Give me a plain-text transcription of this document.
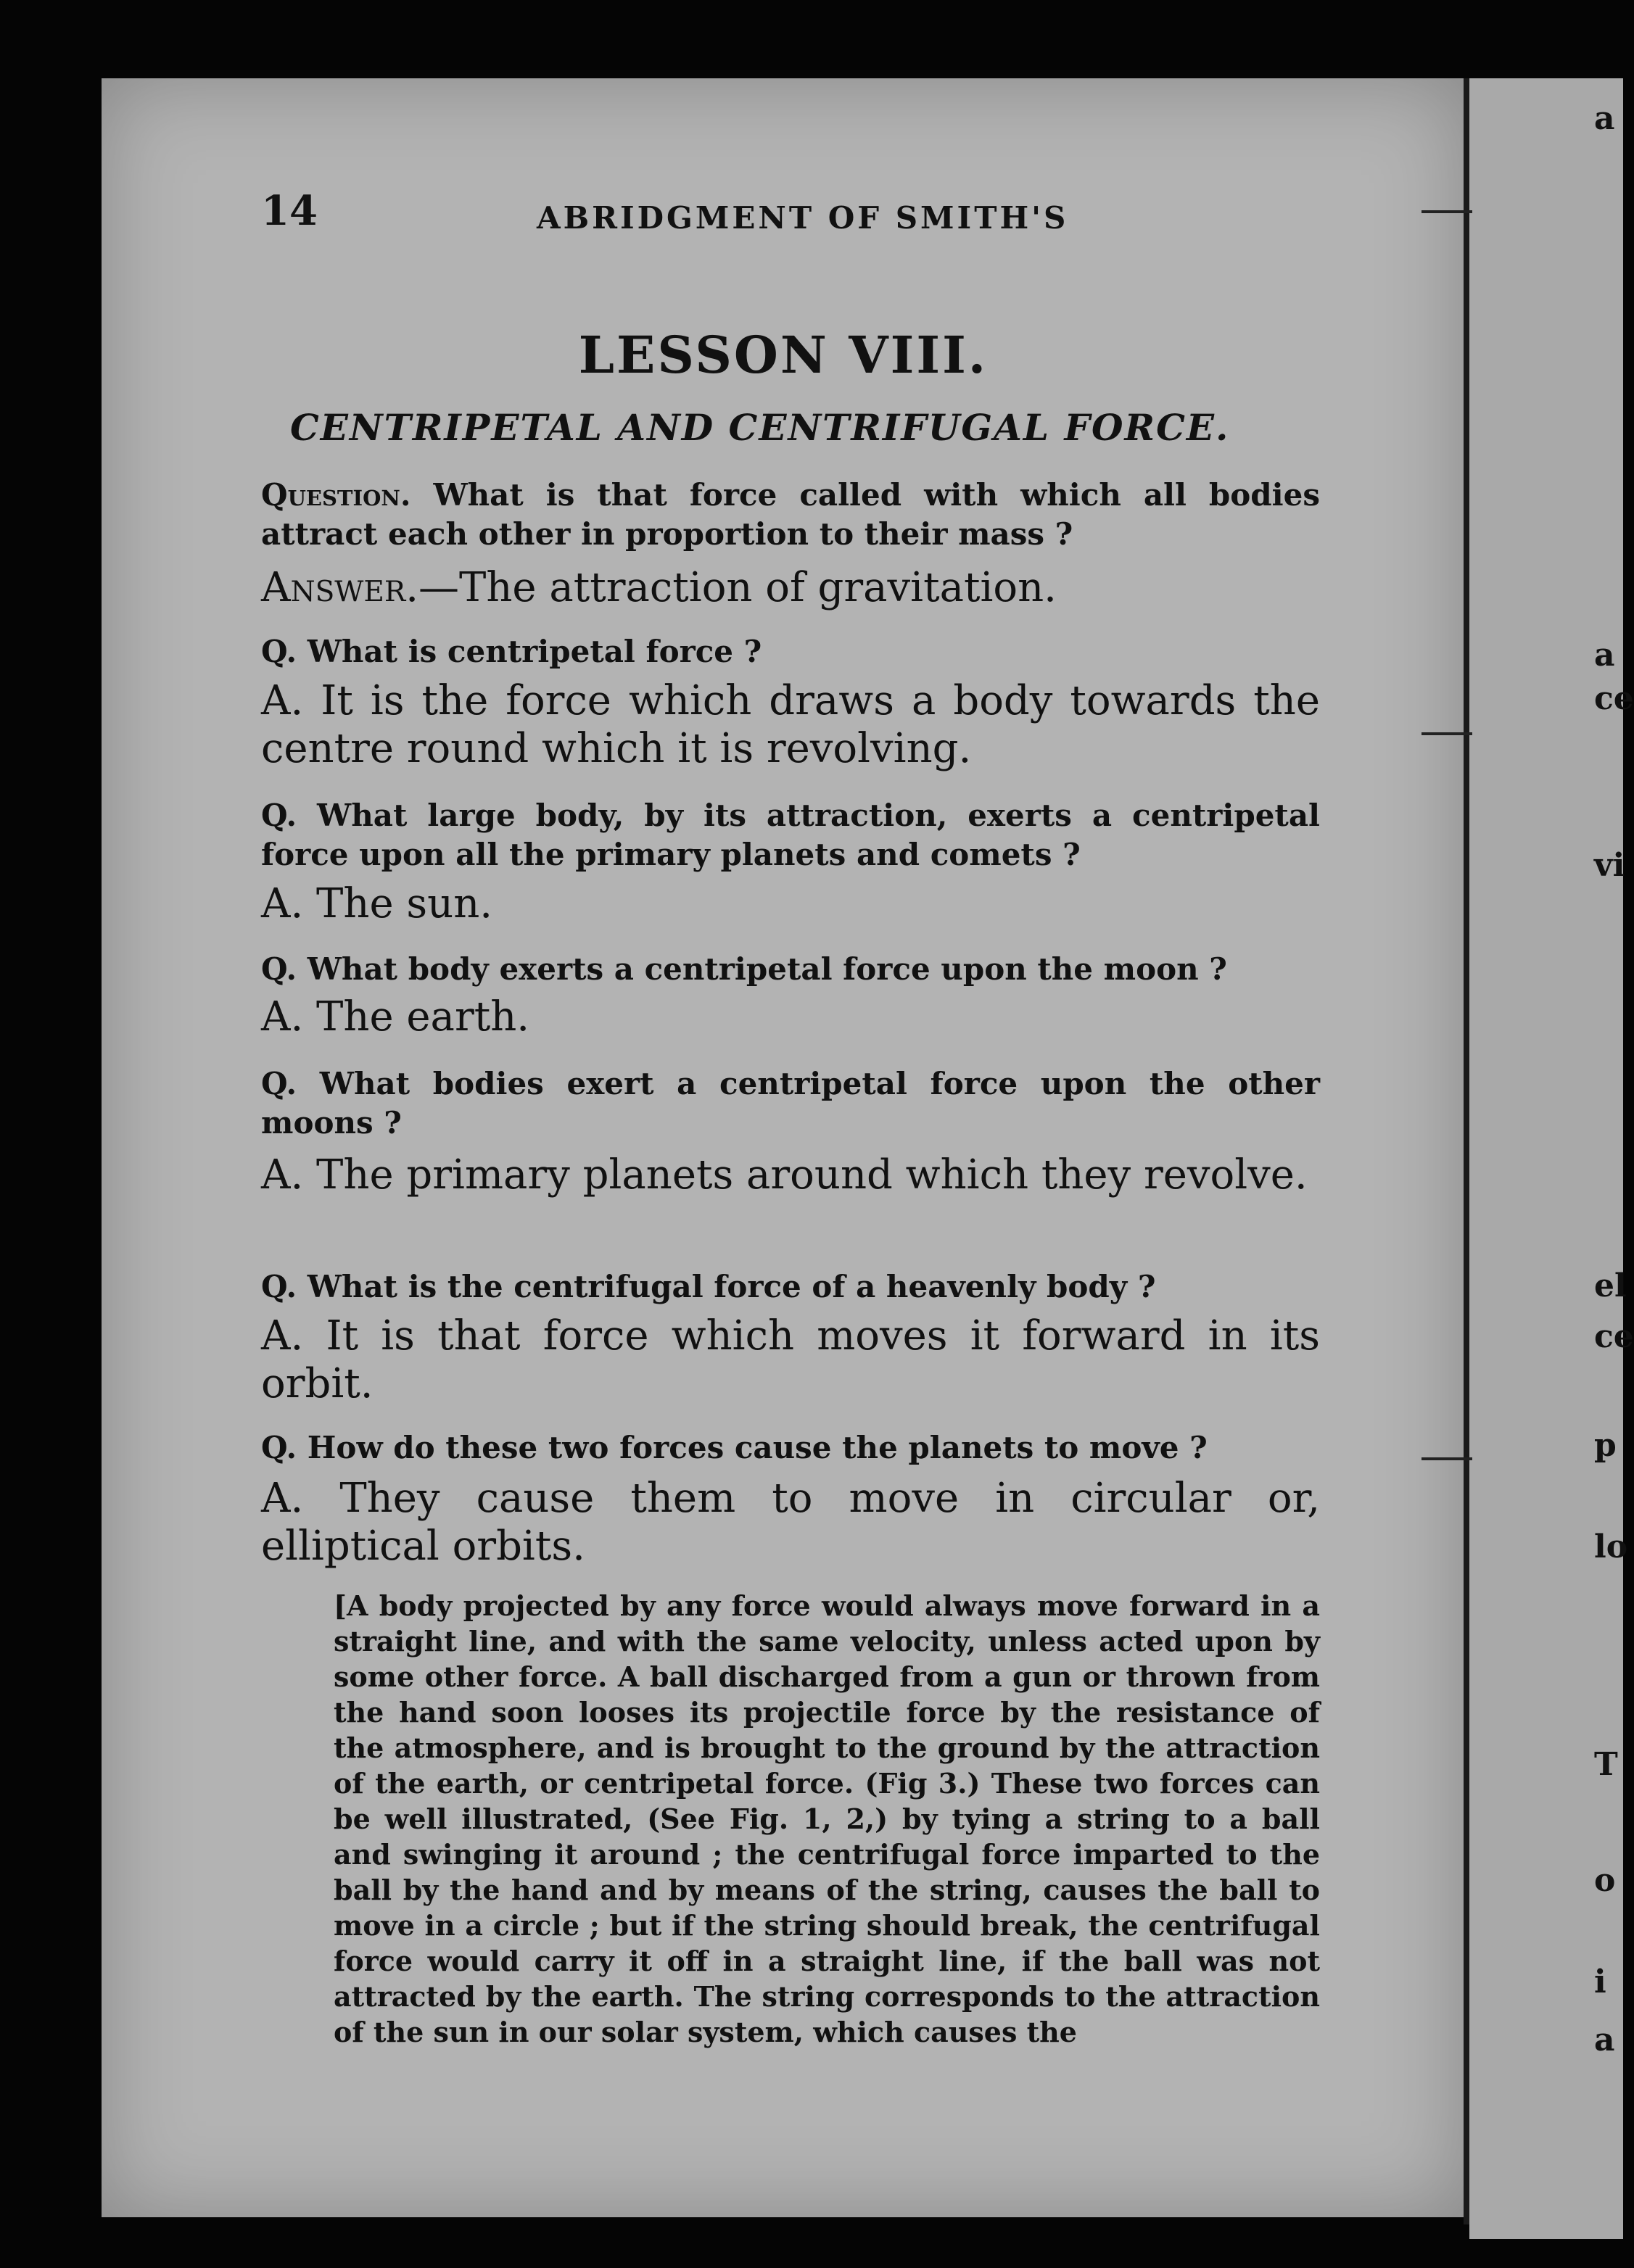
a
a
ce
vi
el
ce
p
lo
T
o
i
a
14	ABRIDGMENT OF SMITH'S
LESSON VIII.
CENTRIPETAL AND CENTRIFUGAL FORCE.
Question. What is that force called with which all bodies attract each other in proportion to their mass ?
Answer.—The attraction of gravitation.
Q. What is centripetal force ?
A. It is the force which draws a body towards the centre round which it is revolving.
Q. What large body, by its attraction, exerts a centripetal force upon all the primary planets and comets ?
A. The sun.
Q. What body exerts a centripetal force upon the moon ?
A. The earth.
Q. What bodies exert a centripetal force upon the other moons ?
A. The primary planets around which they revolve.
Q. What is the centrifugal force of a heavenly body ?
A. It is that force which moves it forward in its orbit.
Q. How do these two forces cause the planets to move ?
A. They cause them to move in circular or, elliptical orbits.
[A body projected by any force would always move forward in a straight line, and with the same velocity, unless acted upon by some other force. A ball discharged from a gun or thrown from the hand soon looses its projectile force by the resistance of the atmosphere, and is brought to the ground by the attraction of the earth, or centripetal force. (Fig 3.) These two forces can be well illustrated, (See Fig. 1, 2,) by tying a string to a ball and swinging it around ; the centrifugal force imparted to the ball by the hand and by means of the string, causes the ball to move in a circle ; but if the string should break, the centrifugal force would carry it off in a straight line, if the ball was not attracted by the earth. The string corresponds to the attraction of the sun in our solar system, which causes the
